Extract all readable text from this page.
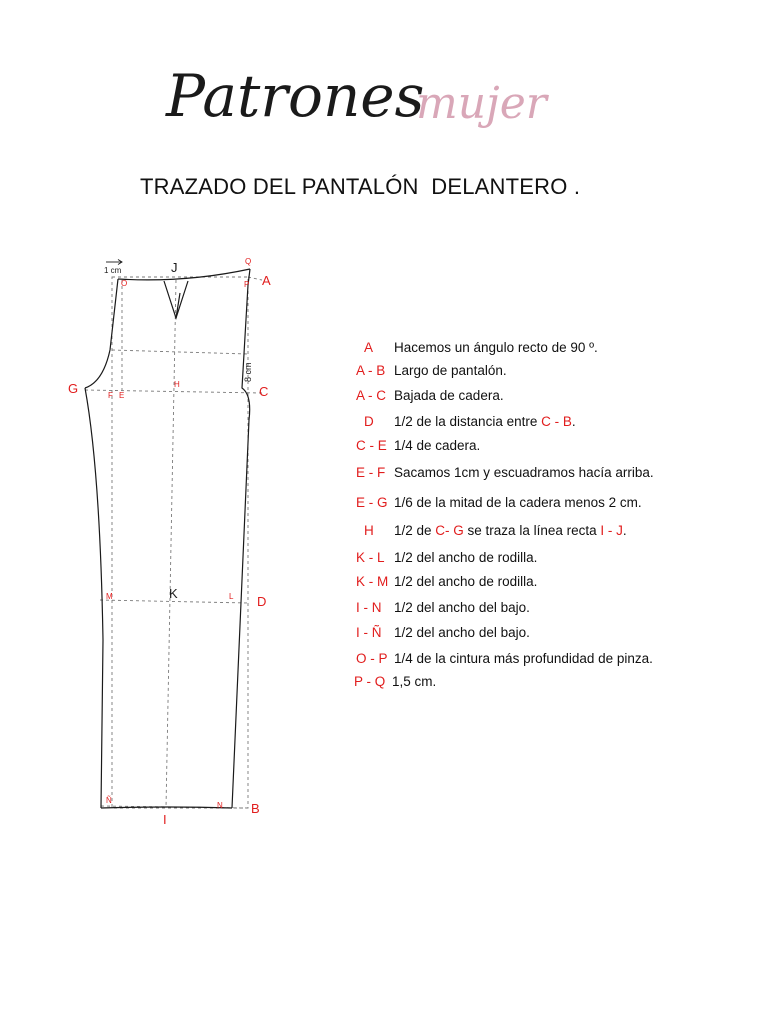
Patrones
mujer
TRAZADO DEL PANTALÓN  DELANTERO .
1 cm
8 cm
J	Q
A
O	P
G	F E
H	C
M	K	L D
Ñ
N B
I
A Hacemos un ángulo recto de 90 º.
A - B Largo de pantalón.
A - C Bajada de cadera.
D 1/2 de la distancia entre C - B.
C - E 1/4 de cadera.
E - F Sacamos 1cm y escuadramos hacía arriba.
E - G 1/6 de la mitad de la cadera menos 2 cm.
H 1/2 de C- G se traza la línea recta I - J.
K - L 1/2 del ancho de rodilla.
K - M 1/2 del ancho de rodilla.
I - N 1/2 del ancho del bajo.
I - Ñ 1/2 del ancho del bajo.
O - P 1/4 de la cintura más profundidad de pinza.
P - Q 1,5 cm.
